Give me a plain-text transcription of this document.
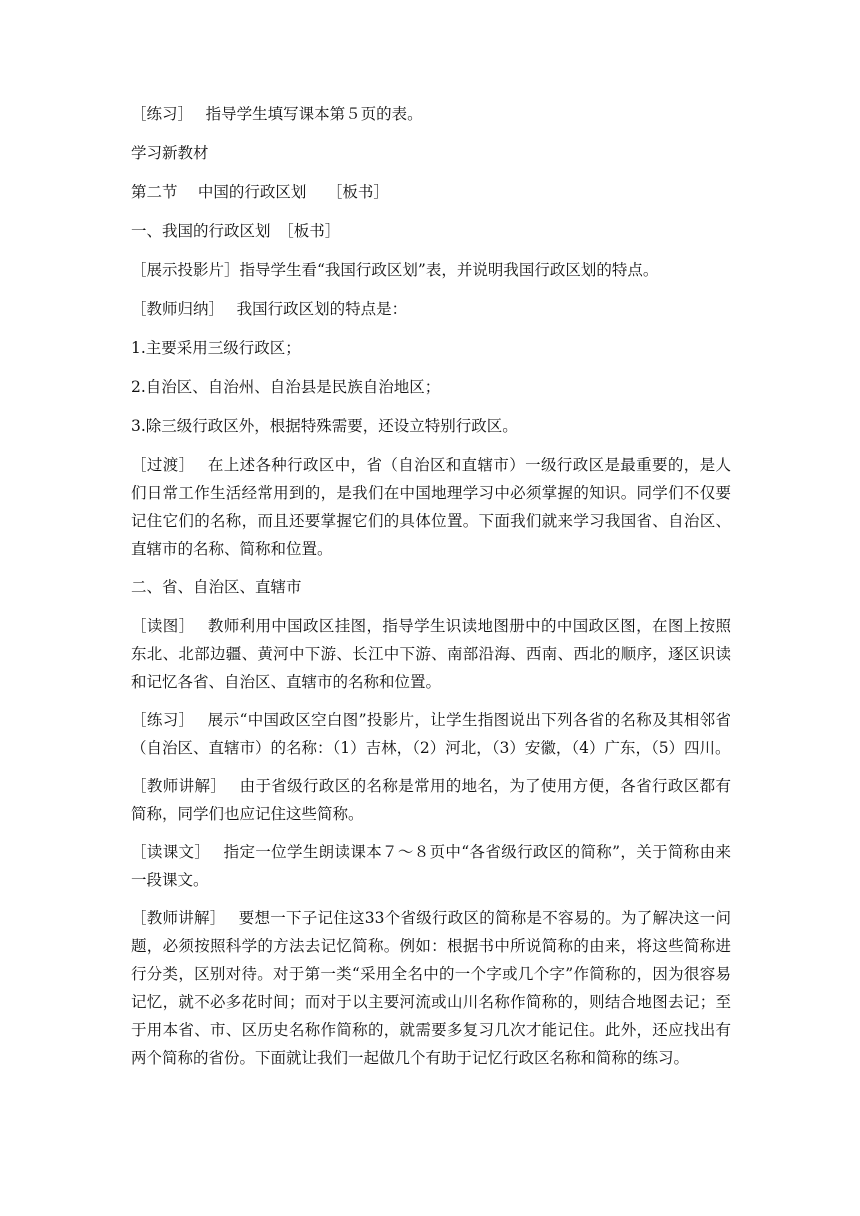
［练习］　 指导学生填写课本第５页的表。

学习新教材

第二节　 中国的行政区划　 ［板书］

一、我国的行政区划　［板书］

［展示投影片］指导学生看“我国行政区划”表，并说明我国行政区划的特点。

［教师归纳］　 我国行政区划的特点是：

1.主要采用三级行政区；

2.自治区、自治州、自治县是民族自治地区；

3.除三级行政区外，根据特殊需要，还设立特别行政区。

［过渡］　 在上述各种行政区中，省（自治区和直辖市）一级行政区是最重要的，是人们日常工作生活经常用到的，是我们在中国地理学习中必须掌握的知识。同学们不仅要记住它们的名称，而且还要掌握它们的具体位置。下面我们就来学习我国省、自治区、直辖市的名称、简称和位置。

二、省、自治区、直辖市

［读图］　 教师利用中国政区挂图，指导学生识读地图册中的中国政区图，在图上按照东北、北部边疆、黄河中下游、长江中下游、南部沿海、西南、西北的顺序，逐区识读和记忆各省、自治区、直辖市的名称和位置。

［练习］　 展示“中国政区空白图”投影片，让学生指图说出下列各省的名称及其相邻省（自治区、直辖市）的名称：（1）吉林，（2）河北，（3）安徽，（4）广东，（5）四川。

［教师讲解］　 由于省级行政区的名称是常用的地名，为了使用方便，各省行政区都有简称，同学们也应记住这些简称。

［读课文］　 指定一位学生朗读课本７～８页中“各省级行政区的简称”，关于简称由来一段课文。

［教师讲解］　 要想一下子记住这33个省级行政区的简称是不容易的。为了解决这一问题，必须按照科学的方法去记忆简称。例如：根据书中所说简称的由来，将这些简称进行分类，区别对待。对于第一类“采用全名中的一个字或几个字”作简称的，因为很容易记忆，就不必多花时间；而对于以主要河流或山川名称作简称的，则结合地图去记；至于用本省、市、区历史名称作简称的，就需要多复习几次才能记住。此外，还应找出有两个简称的省份。下面就让我们一起做几个有助于记忆行政区名称和简称的练习。
